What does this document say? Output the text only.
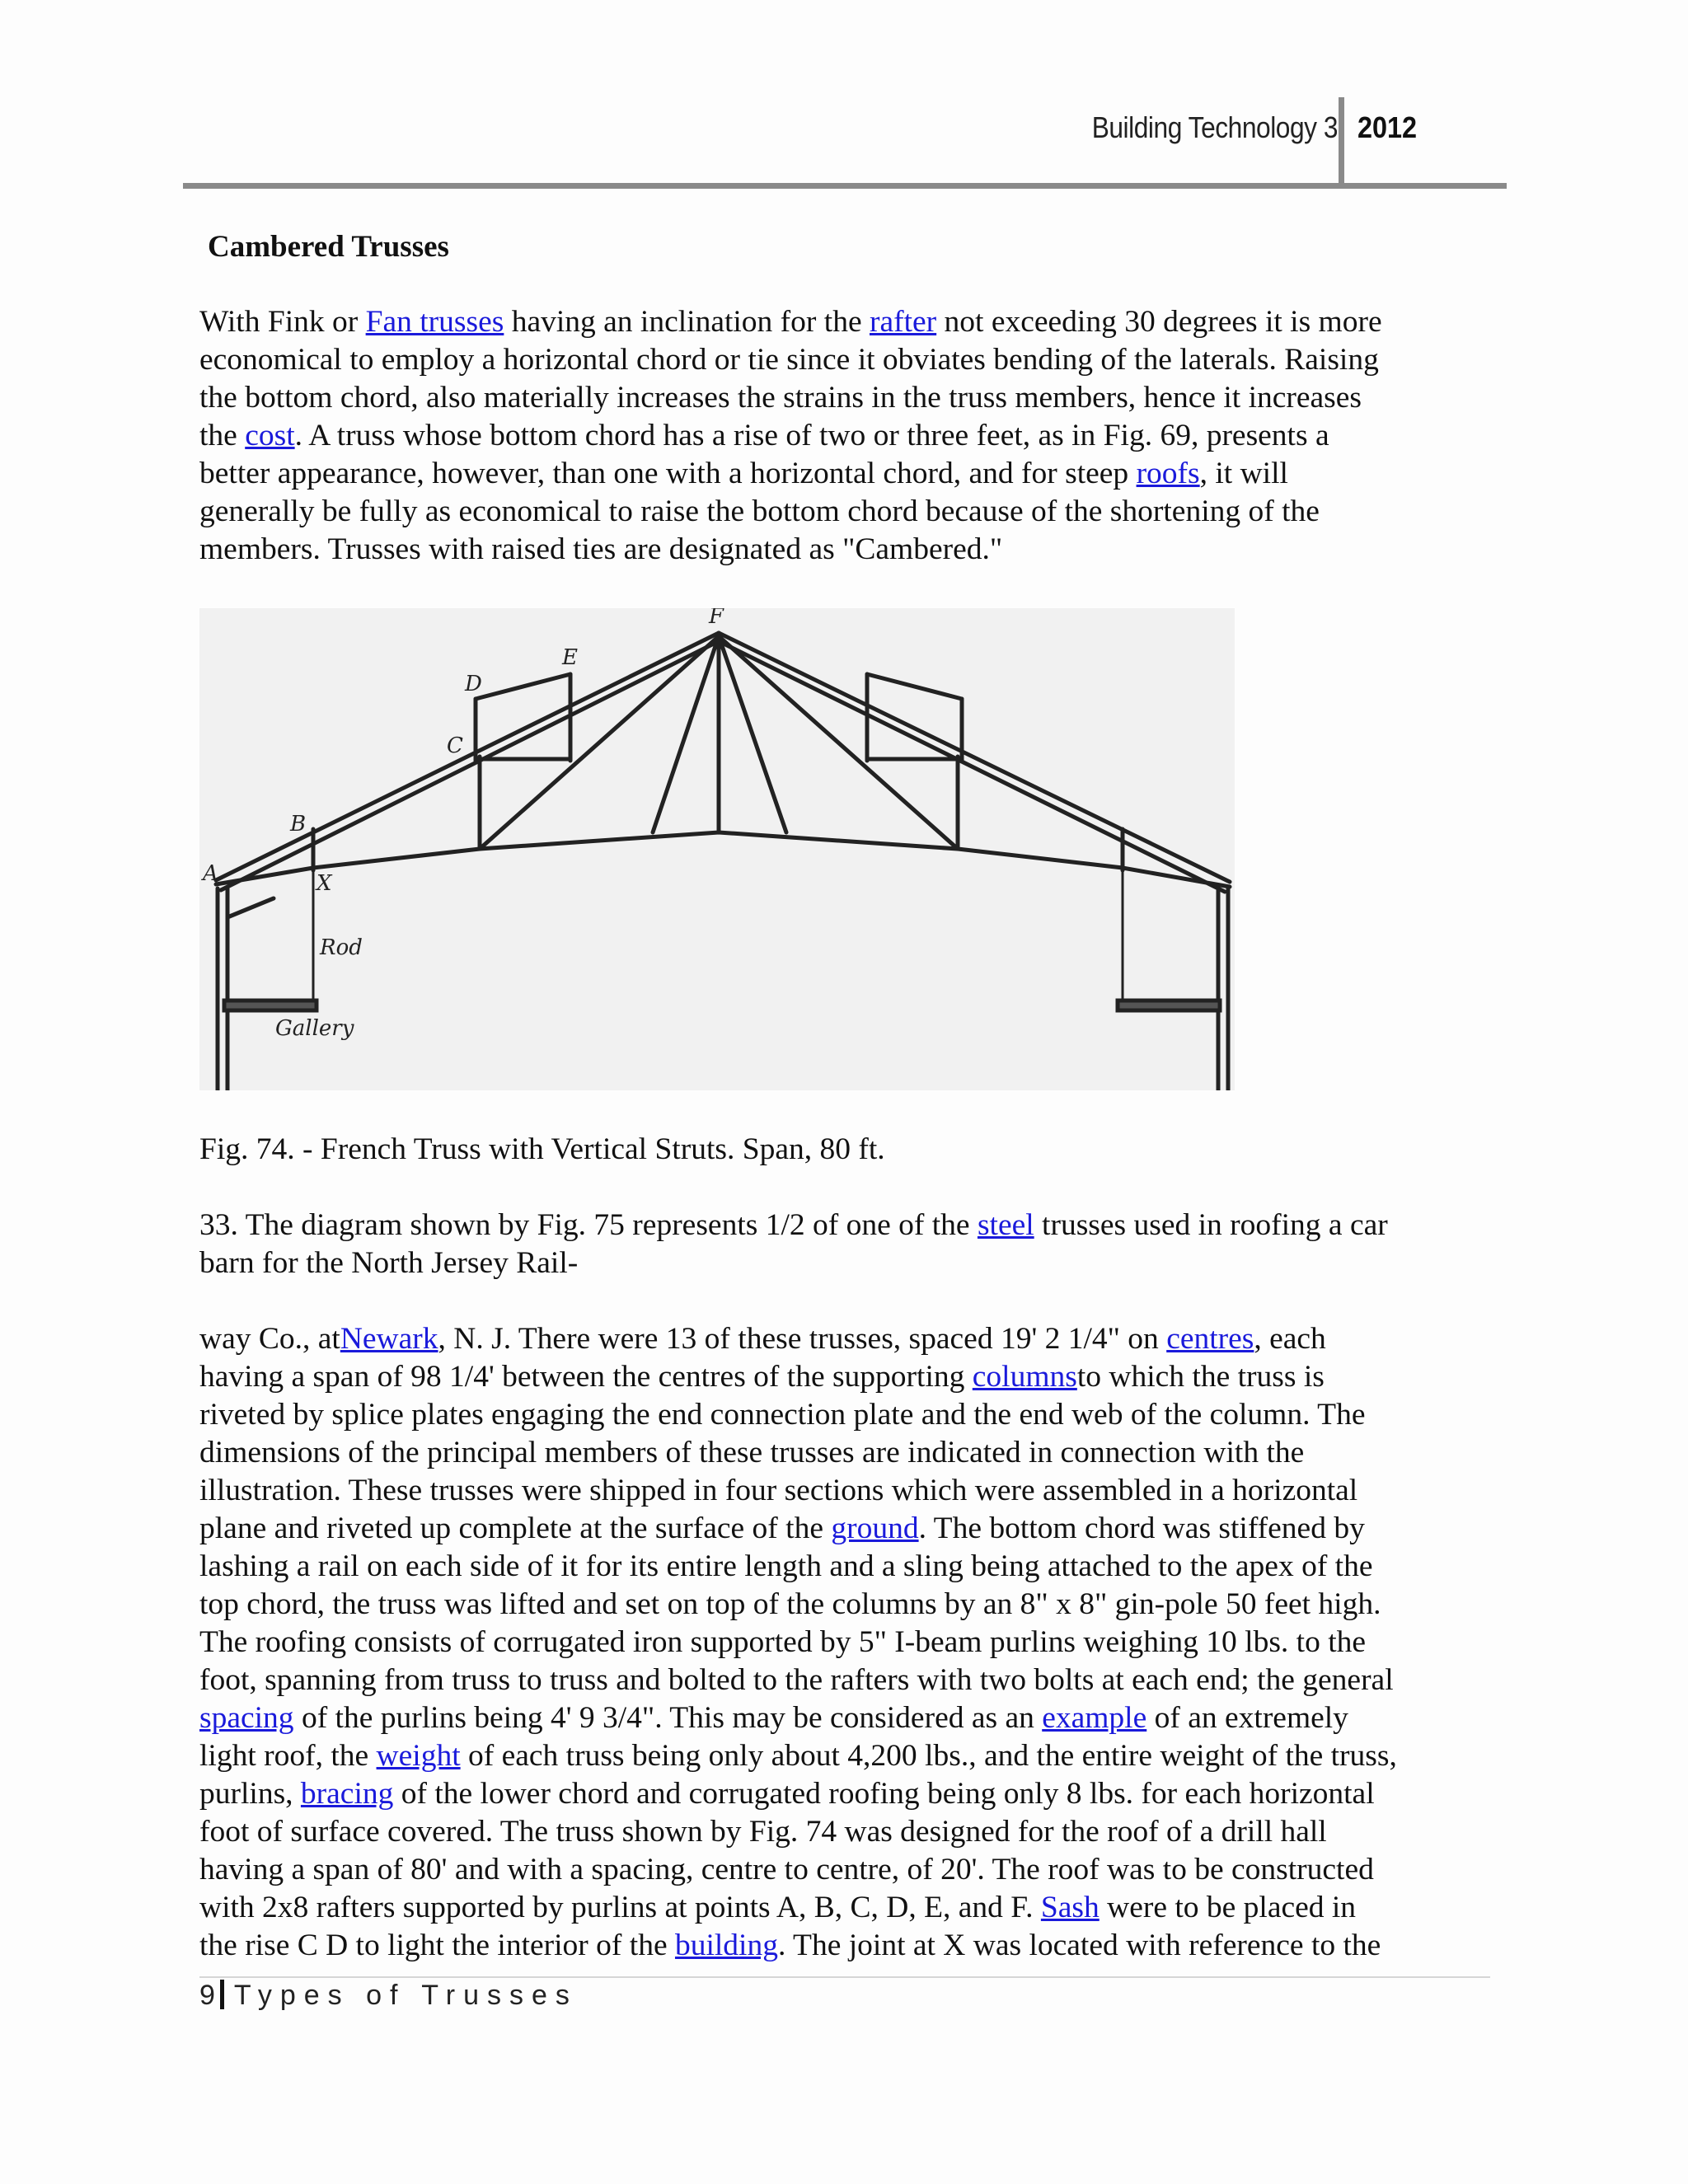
Building Technology 3 2012
Cambered Trusses

With Fink or Fan trusses having an inclination for the rafter not exceeding 30 degrees it is more
economical to employ a horizontal chord or tie since it obviates bending of the laterals. Raising
the bottom chord, also materially increases the strains in the truss members, hence it increases
the cost. A truss whose bottom chord has a rise of two or three feet, as in Fig. 69, presents a
better appearance, however, than one with a horizontal chord, and for steep roofs, it will
generally be fully as economical to raise the bottom chord because of the shortening of the
members. Trusses with raised ties are designated as "Cambered."

A
B
C
D
E
F
X
Rod
Gallery
Fig. 74. - French Truss with Vertical Struts. Span, 80 ft.

33. The diagram shown by Fig. 75 represents 1/2 of one of the steel trusses used in roofing a car
barn for the North Jersey Rail-

way Co., atNewark, N. J. There were 13 of these trusses, spaced 19' 2 1/4" on centres, each
having a span of 98 1/4' between the centres of the supporting columnsto which the truss is
riveted by splice plates engaging the end connection plate and the end web of the column. The
dimensions of the principal members of these trusses are indicated in connection with the
illustration. These trusses were shipped in four sections which were assembled in a horizontal
plane and riveted up complete at the surface of the ground. The bottom chord was stiffened by
lashing a rail on each side of it for its entire length and a sling being attached to the apex of the
top chord, the truss was lifted and set on top of the columns by an 8" x 8" gin-pole 50 feet high.
The roofing consists of corrugated iron supported by 5" I-beam purlins weighing 10 lbs. to the
foot, spanning from truss to truss and bolted to the rafters with two bolts at each end; the general
spacing of the purlins being 4' 9 3/4". This may be considered as an example of an extremely
light roof, the weight of each truss being only about 4,200 lbs., and the entire weight of the truss,
purlins, bracing of the lower chord and corrugated roofing being only 8 lbs. for each horizontal
foot of surface covered. The truss shown by Fig. 74 was designed for the roof of a drill hall
having a span of 80' and with a spacing, centre to centre, of 20'. The roof was to be constructed
with 2x8 rafters supported by purlins at points A, B, C, D, E, and F. Sash were to be placed in
the rise C D to light the interior of the building. The joint at X was located with reference to the

9 Types of Trusses
